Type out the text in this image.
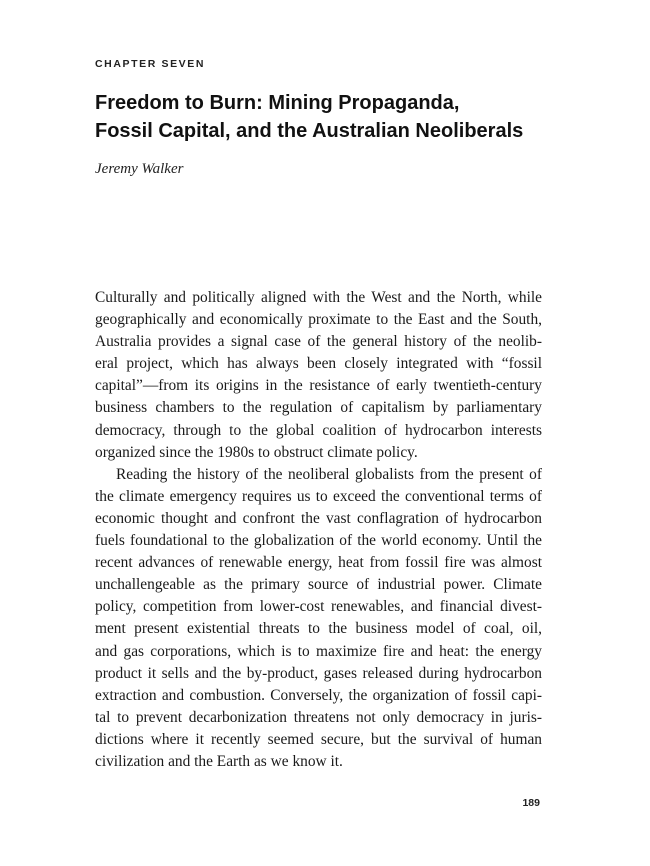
CHAPTER SEVEN
Freedom to Burn: Mining Propaganda,
Fossil Capital, and the Australian Neoliberals
Jeremy Walker
Culturally and politically aligned with the West and the North, while
geographically and economically proximate to the East and the South,
Australia provides a signal case of the general history of the neolib-
eral project, which has always been closely integrated with “fossil
capital”—from its origins in the resistance of early twentieth-century
business chambers to the regulation of capitalism by parliamentary
democracy, through to the global coalition of hydrocarbon interests
organized since the 1980s to obstruct climate policy.
Reading the history of the neoliberal globalists from the present of
the climate emergency requires us to exceed the conventional terms of
economic thought and confront the vast conflagration of hydrocarbon
fuels foundational to the globalization of the world economy. Until the
recent advances of renewable energy, heat from fossil fire was almost
unchallengeable as the primary source of industrial power. Climate
policy, competition from lower-cost renewables, and financial divest-
ment present existential threats to the business model of coal, oil,
and gas corporations, which is to maximize fire and heat: the energy
product it sells and the by-product, gases released during hydrocarbon
extraction and combustion. Conversely, the organization of fossil capi-
tal to prevent decarbonization threatens not only democracy in juris-
dictions where it recently seemed secure, but the survival of human
civilization and the Earth as we know it.
189
